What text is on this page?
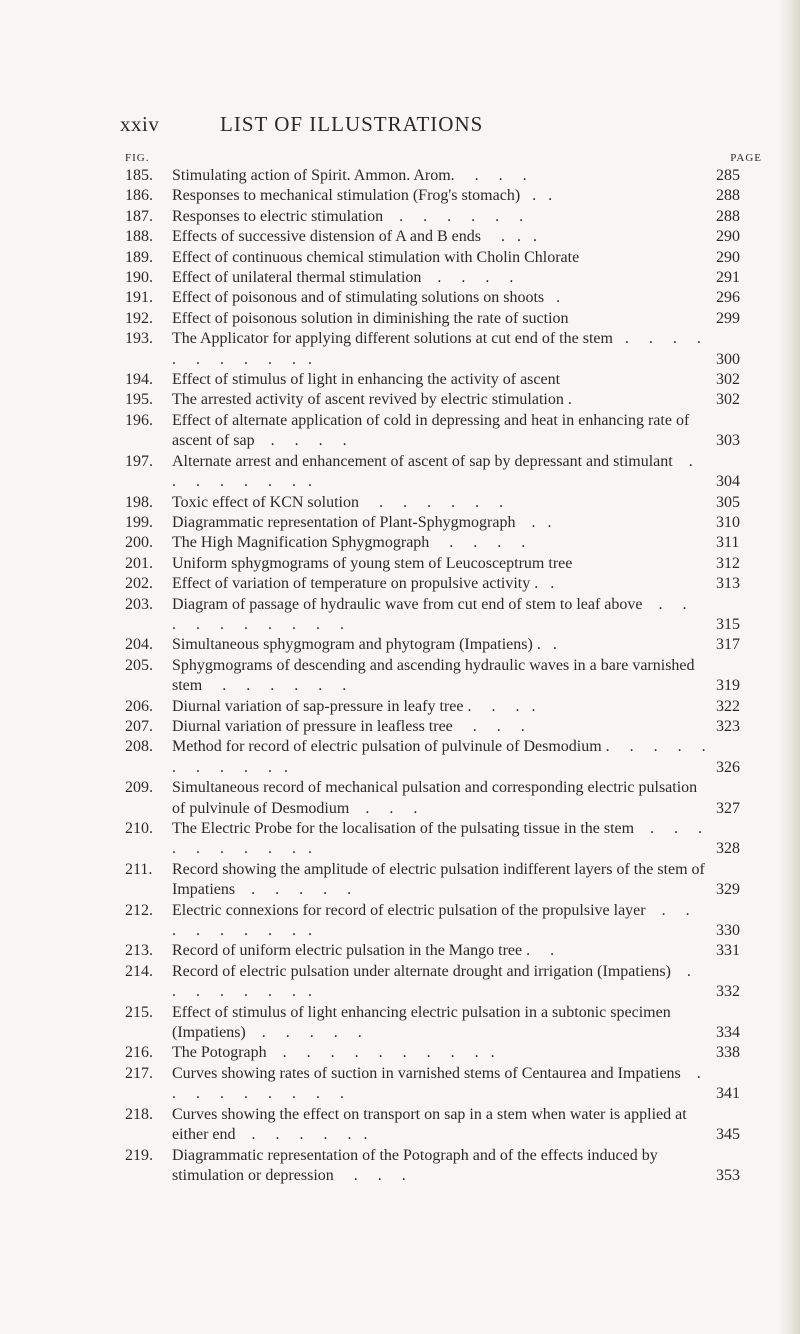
xxiv	LIST OF ILLUSTRATIONS
FIG.	PAGE
185. Stimulating action of Spirit. Ammon. Arom.     .     .     .	285
186. Responses to mechanical stimulation (Frog's stomach)   .   .	288
187. Responses to electric stimulation    .     .     .     .     .     .	288
188. Effects of successive distension of A and B ends     .   .   .	290
189. Effect of continuous chemical stimulation with Cholin Chlorate	290
190. Effect of unilateral thermal stimulation    .     .     .     .	291
191. Effect of poisonous and of stimulating solutions on shoots   .	296
192. Effect of poisonous solution in diminishing the rate of suction	299
193. The Applicator for applying different solutions at cut end of the stem   .     .     .     .     .     .     .     .     .     .   .	300
194. Effect of stimulus of light in enhancing the activity of ascent	302
195. The arrested activity of ascent revived by electric stimulation .	302
196. Effect of alternate application of cold in depressing and heat in enhancing rate of ascent of sap    .     .     .     .	303
197. Alternate arrest and enhancement of ascent of sap by depressant and stimulant    .     .     .     .     .     .     .   .	304
198. Toxic effect of KCN solution     .     .     .     .     .     .	305
199. Diagrammatic representation of Plant-Sphygmograph    .   .	310
200. The High Magnification Sphygmograph     .     .     .     .	311
201. Uniform sphygmograms of young stem of Leucosceptrum tree	312
202. Effect of variation of temperature on propulsive activity .   .	313
203. Diagram of passage of hydraulic wave from cut end of stem to leaf above    .     .     .     .     .     .     .     .     .     .	315
204. Simultaneous sphygmogram and phytogram (Impatiens) .   .	317
205. Sphygmograms of descending and ascending hydraulic waves in a bare varnished stem     .     .     .     .     .     .	319
206. Diurnal variation of sap-pressure in leafy tree .     .     .   .	322
207. Diurnal variation of pressure in leafless tree     .     .     .	323
208. Method for record of electric pulsation of pulvinule of Desmodium .     .     .     .     .     .     .     .     .     .   .	326
209. Simultaneous record of mechanical pulsation and corresponding electric pulsation of pulvinule of Desmodium    .     .     .	327
210. The Electric Probe for the localisation of the pulsating tissue in the stem    .     .     .     .     .     .     .     .     .   .	328
211. Record showing the amplitude of electric pulsation indifferent layers of the stem of Impatiens    .     .     .     .     .	329
212. Electric connexions for record of electric pulsation of the propulsive layer    .     .     .     .     .     .     .     .   .	330
213. Record of uniform electric pulsation in the Mango tree .     .	331
214. Record of electric pulsation under alternate drought and irrigation (Impatiens)    .     .     .     .     .     .     .   .	332
215. Effect of stimulus of light enhancing electric pulsation in a subtonic specimen (Impatiens)    .     .     .     .     .	334
216. The Potograph    .     .     .     .     .     .     .     .     .   .	338
217. Curves showing rates of suction in varnished stems of Centaurea and Impatiens    .     .     .     .     .     .     .     .     .	341
218. Curves showing the effect on transport on sap in a stem when water is applied at either end    .     .     .     .     .   .	345
219. Diagrammatic representation of the Potograph and of the effects induced by stimulation or depression     .     .     .	353
